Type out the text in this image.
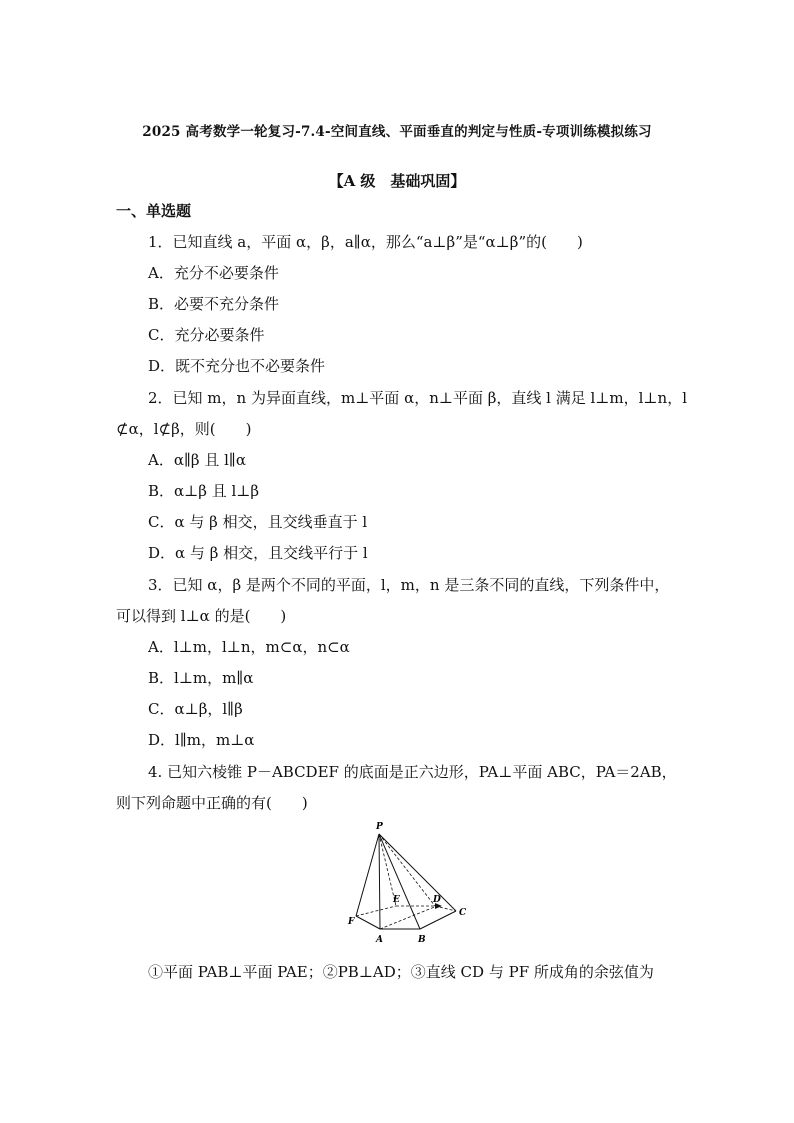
2025 高考数学一轮复习-7.4-空间直线、平面垂直的判定与性质-专项训练模拟练习
【A 级　基础巩固】
一、单选题
1．已知直线 a，平面 α，β，a∥α，那么“a⊥β”是“α⊥β”的(　　)
A．充分不必要条件
B．必要不充分条件
C．充分必要条件
D．既不充分也不必要条件
2．已知 m，n 为异面直线，m⊥平面 α，n⊥平面 β，直线 l 满足 l⊥m，l⊥n，l
⊄α，l⊄β，则(　　)
A．α∥β 且 l∥α
B．α⊥β 且 l⊥β
C．α 与 β 相交，且交线垂直于 l
D．α 与 β 相交，且交线平行于 l
3．已知 α，β 是两个不同的平面，l，m，n 是三条不同的直线，下列条件中，
可以得到 l⊥α 的是(　　)
A．l⊥m，l⊥n，m⊂α，n⊂α
B．l⊥m，m∥α
C．α⊥β，l∥β
D．l∥m，m⊥α
4. 已知六棱锥 P－ABCDEF 的底面是正六边形，PA⊥平面 ABC，PA＝2AB，
则下列命题中正确的有(　　)
P
A	B
C
D
E
F
①平面 PAB⊥平面 PAE；②PB⊥AD；③直线 CD 与 PF 所成角的余弦值为
